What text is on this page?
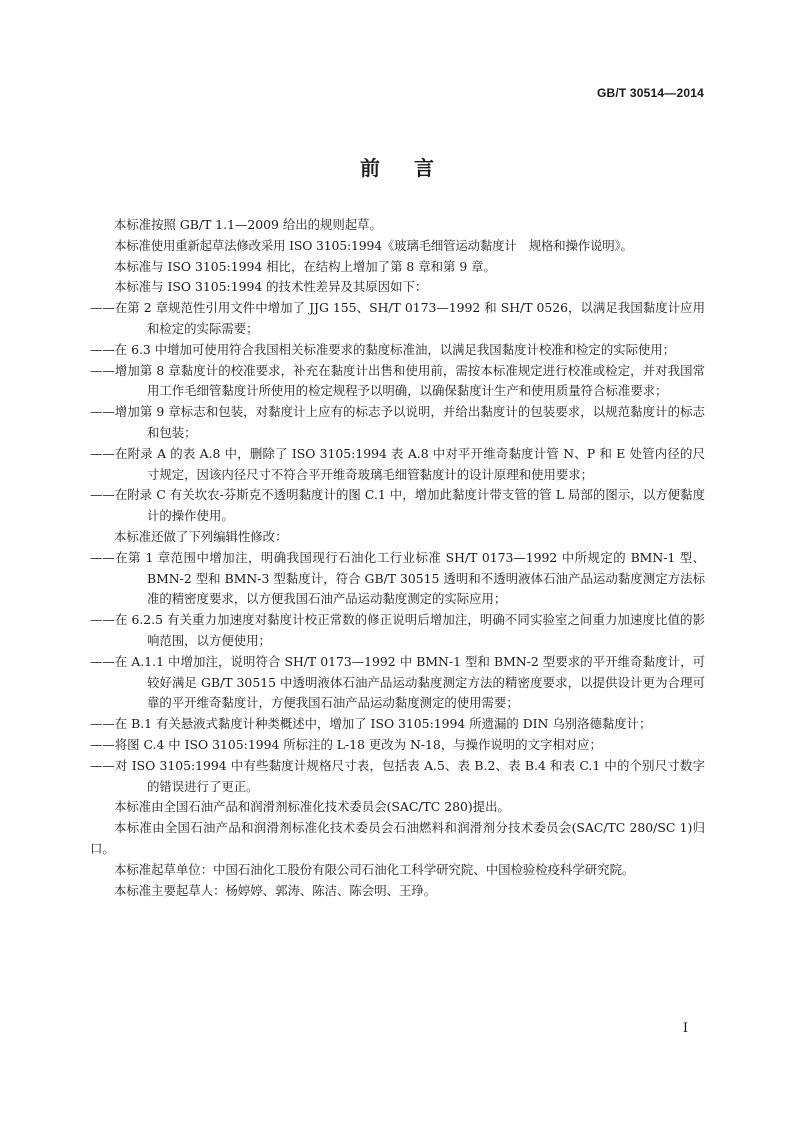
GB/T 30514—2014
前言

本标准按照 GB/T 1.1—2009 给出的规则起草。

本标准使用重新起草法修改采用 ISO 3105:1994《玻璃毛细管运动黏度计　规格和操作说明》。

本标准与 ISO 3105:1994 相比，在结构上增加了第 8 章和第 9 章。

本标准与 ISO 3105:1994 的技术性差异及其原因如下：

——在第 2 章规范性引用文件中增加了 JJG 155、SH/T 0173—1992 和 SH/T 0526，以满足我国黏度计应用和检定的实际需要；

——在 6.3 中增加可使用符合我国相关标准要求的黏度标准油，以满足我国黏度计校准和检定的实际使用；

——增加第 8 章黏度计的校准要求，补充在黏度计出售和使用前，需按本标准规定进行校准或检定，并对我国常用工作毛细管黏度计所使用的检定规程予以明确，以确保黏度计生产和使用质量符合标准要求；

——增加第 9 章标志和包装，对黏度计上应有的标志予以说明，并给出黏度计的包装要求，以规范黏度计的标志和包装；

——在附录 A 的表 A.8 中，删除了 ISO 3105:1994 表 A.8 中对平开维奇黏度计管 N、P 和 E 处管内径的尺寸规定，因该内径尺寸不符合平开维奇玻璃毛细管黏度计的设计原理和使用要求；

——在附录 C 有关坎农-芬斯克不透明黏度计的图 C.1 中，增加此黏度计带支管的管 L 局部的图示，以方便黏度计的操作使用。

本标准还做了下列编辑性修改：

——在第 1 章范围中增加注，明确我国现行石油化工行业标准 SH/T 0173—1992 中所规定的 BMN-1 型、BMN-2 型和 BMN-3 型黏度计，符合 GB/T 30515 透明和不透明液体石油产品运动黏度测定方法标准的精密度要求，以方便我国石油产品运动黏度测定的实际应用；

——在 6.2.5 有关重力加速度对黏度计校正常数的修正说明后增加注，明确不同实验室之间重力加速度比值的影响范围，以方便使用；

——在 A.1.1 中增加注，说明符合 SH/T 0173—1992 中 BMN-1 型和 BMN-2 型要求的平开维奇黏度计，可较好满足 GB/T 30515 中透明液体石油产品运动黏度测定方法的精密度要求，以提供设计更为合理可靠的平开维奇黏度计，方便我国石油产品运动黏度测定的使用需要；

——在 B.1 有关悬液式黏度计种类概述中，增加了 ISO 3105:1994 所遗漏的 DIN 乌别洛德黏度计；

——将图 C.4 中 ISO 3105:1994 所标注的 L-18 更改为 N-18，与操作说明的文字相对应；

——对 ISO 3105:1994 中有些黏度计规格尺寸表，包括表 A.5、表 B.2、表 B.4 和表 C.1 中的个别尺寸数字的错误进行了更正。

本标准由全国石油产品和润滑剂标准化技术委员会(SAC/TC 280)提出。

本标准由全国石油产品和润滑剂标准化技术委员会石油燃料和润滑剂分技术委员会(SAC/TC 280/SC 1)归口。

本标准起草单位：中国石油化工股份有限公司石油化工科学研究院、中国检验检疫科学研究院。

本标准主要起草人：杨婷婷、郭涛、陈洁、陈会明、王琤。

I
